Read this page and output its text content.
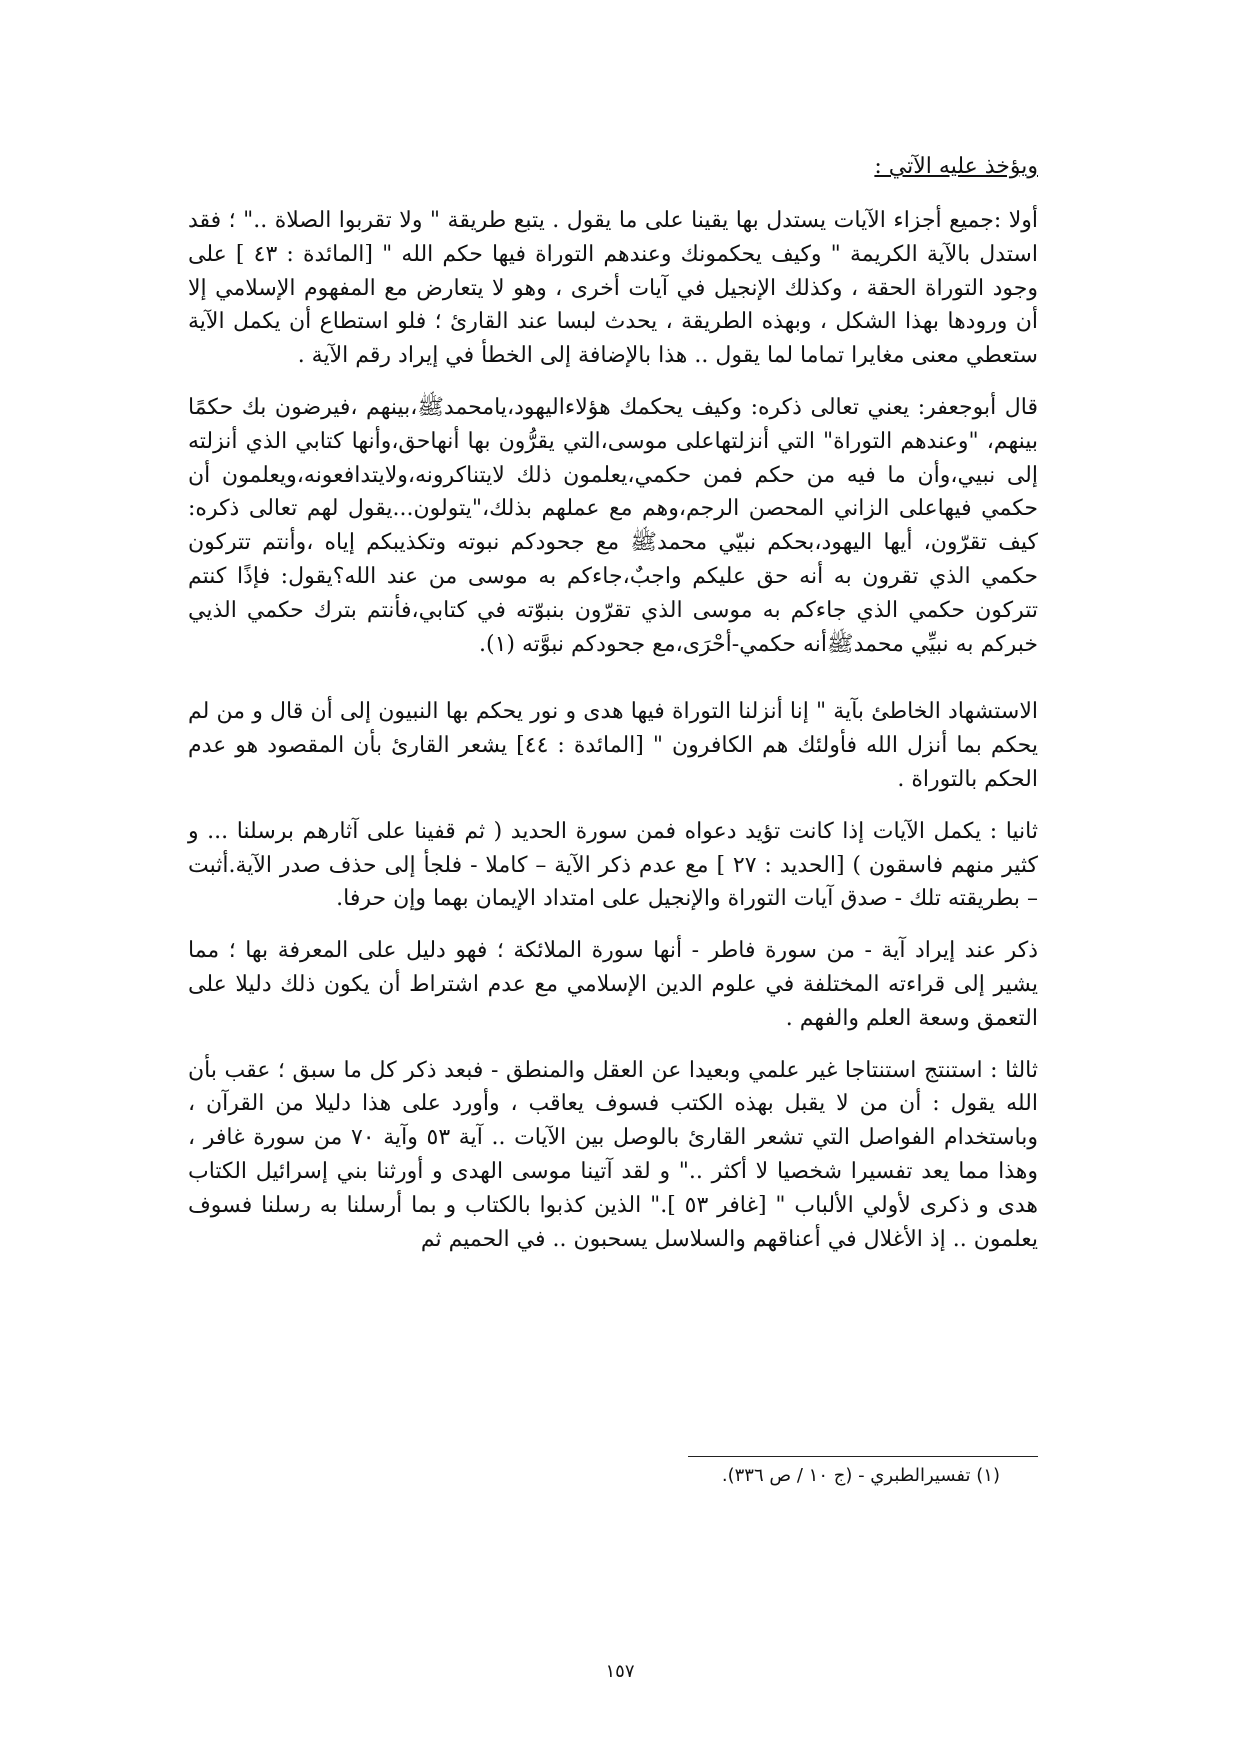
ويؤخذ عليه الآتي :

أولا :جميع أجزاء الآيات يستدل بها يقينا على ما يقول . يتبع طريقة " ولا تقربوا الصلاة .." ؛ فقد استدل بالآية الكريمة " وكيف يحكمونك وعندهم التوراة فيها حكم الله " [المائدة : ٤٣ ] على وجود التوراة الحقة ، وكذلك الإنجيل في آيات أخرى ، وهو لا يتعارض مع المفهوم الإسلامي إلا أن ورودها بهذا الشكل ، وبهذه الطريقة ، يحدث لبسا عند القارئ ؛ فلو استطاع أن يكمل الآية ستعطي معنى مغايرا تماما لما يقول .. هذا بالإضافة إلى الخطأ في إيراد رقم الآية .

قال أبوجعفر: يعني تعالى ذكره: وكيف يحكمك هؤلاءاليهود،يامحمدﷺ،بينهم ،فيرضون بك حكمًا بينهم، "وعندهم التوراة" التي أنزلتهاعلى موسى،التي يقرُّون بها أنهاحق،وأنها كتابي الذي أنزلته إلى نبيي،وأن ما فيه من حكم فمن حكمي،يعلمون ذلك لايتناكرونه،ولايتدافعونه،ويعلمون أن حكمي فيهاعلى الزاني المحصن الرجم،وهم مع عملهم بذلك،"يتولون...يقول لهم تعالى ذكره: كيف تقرّون، أيها اليهود،بحكم نبيّي محمدﷺ مع جحودكم نبوته وتكذيبكم إياه ،وأنتم تتركون حكمي الذي تقرون به أنه حق عليكم واجبٌ،جاءكم به موسى من عند الله؟يقول: فإذًا كنتم تتركون حكمي الذي جاءكم به موسى الذي تقرّون بنبوّته في كتابي،فأنتم بترك حكمي الذيي خبركم به نبيِّي محمدﷺأنه حكمي-أحْرَى،مع جحودكم نبوَّته (١).

الاستشهاد الخاطئ بآية " إنا أنزلنا التوراة فيها هدى و نور يحكم بها النبيون إلى أن قال و من لم يحكم بما أنزل الله فأولئك هم الكافرون " [المائدة : ٤٤] يشعر القارئ بأن المقصود هو عدم الحكم بالتوراة .

ثانيا : يكمل الآيات إذا كانت تؤيد دعواه فمن سورة الحديد ( ثم قفينا على آثارهم برسلنا ... و كثير منهم فاسقون ) [الحديد : ٢٧ ] مع عدم ذكر الآية – كاملا - فلجأ إلى حذف صدر الآية.أثبت – بطريقته تلك - صدق آيات التوراة والإنجيل على امتداد الإيمان بهما وإن حرفا.

ذكر عند إيراد آية - من سورة فاطر - أنها سورة الملائكة ؛ فهو دليل على المعرفة بها ؛ مما يشير إلى قراءته المختلفة في علوم الدين الإسلامي مع عدم اشتراط أن يكون ذلك دليلا على التعمق وسعة العلم والفهم .

ثالثا : استنتج استنتاجا غير علمي وبعيدا عن العقل والمنطق - فبعد ذكر كل ما سبق ؛ عقب بأن الله يقول : أن من لا يقبل بهذه الكتب فسوف يعاقب ، وأورد على هذا دليلا من القرآن ، وباستخدام الفواصل التي تشعر القارئ بالوصل بين الآيات .. آية ٥٣ وآية ٧٠ من سورة غافر ، وهذا مما يعد تفسيرا شخصيا لا أكثر .." و لقد آتينا موسى الهدى و أورثنا بني إسرائيل الكتاب هدى و ذكرى لأولي الألباب " [غافر ٥٣ ]." الذين كذبوا بالكتاب و بما أرسلنا به رسلنا فسوف يعلمون .. إذ الأغلال في أعناقهم والسلاسل يسحبون .. في الحميم ثم

(١) تفسيرالطبري - (ج ١٠ / ص ٣٣٦).
١٥٧
